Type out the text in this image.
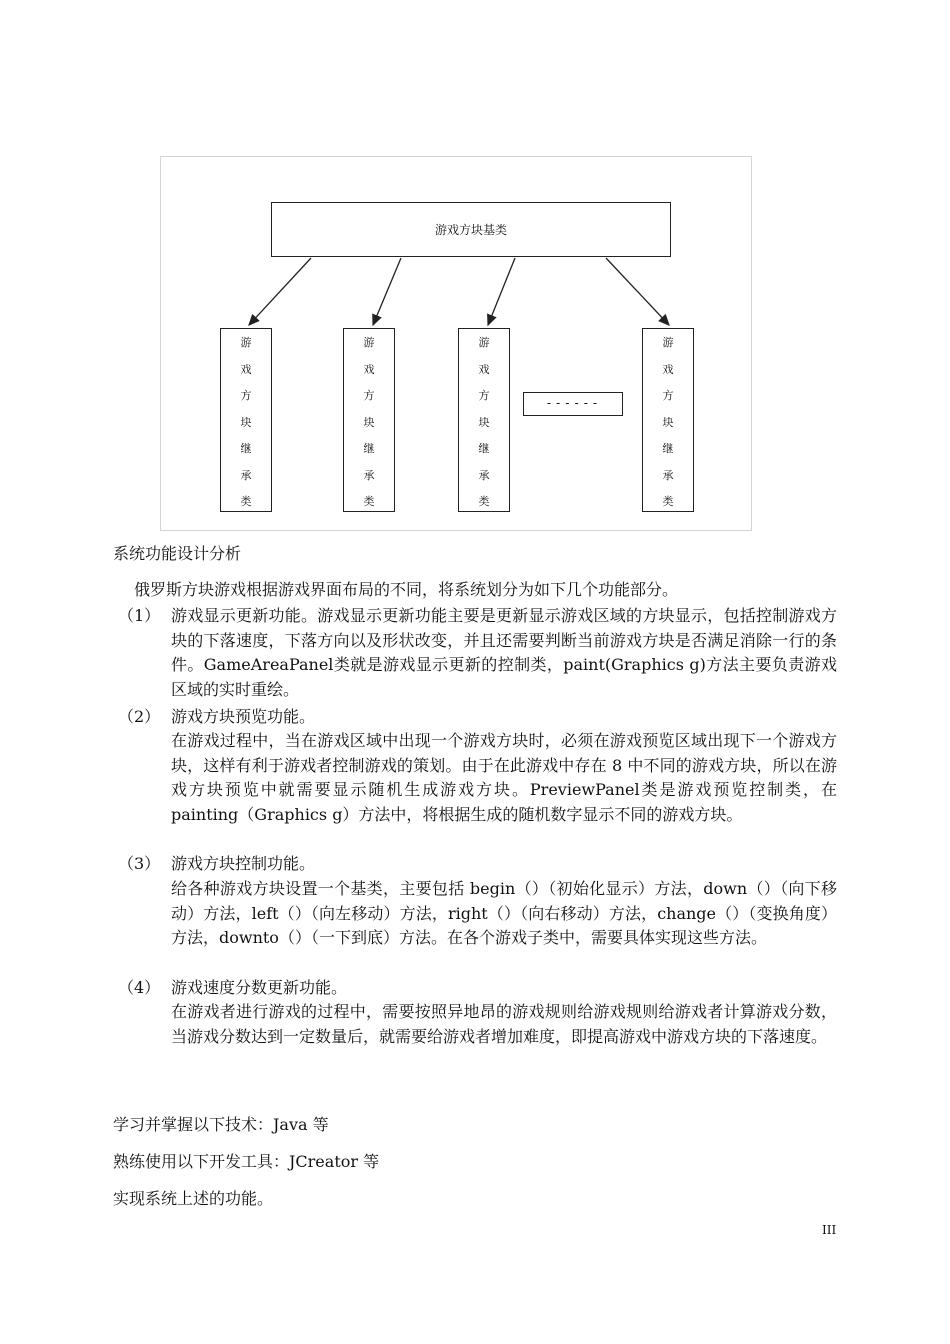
游戏方块基类
游
戏
方
块
继
承
类
游
戏
方
块
继
承
类
游
戏
方
块
继
承
类
------
游
戏
方
块
继
承
类
系统功能设计分析
俄罗斯方块游戏根据游戏界面布局的不同，将系统划分为如下几个功能部分。
（1） 游戏显示更新功能。游戏显示更新功能主要是更新显示游戏区域的方块显示，包括控制游戏方块的下落速度，下落方向以及形状改变，并且还需要判断当前游戏方块是否满足消除一行的条件。GameAreaPanel类就是游戏显示更新的控制类，paint(Graphics g)方法主要负责游戏区域的实时重绘。
（2） 游戏方块预览功能。
在游戏过程中，当在游戏区域中出现一个游戏方块时，必须在游戏预览区域出现下一个游戏方块，这样有利于游戏者控制游戏的策划。由于在此游戏中存在 8 中不同的游戏方块，所以在游戏方块预览中就需要显示随机生成游戏方块。PreviewPanel类是游戏预览控制类，在 painting（Graphics g）方法中，将根据生成的随机数字显示不同的游戏方块。
（3） 游戏方块控制功能。
给各种游戏方块设置一个基类，主要包括 begin（）（初始化显示）方法，down（）（向下移动）方法，left（）（向左移动）方法，right（）（向右移动）方法，change（）（变换角度）方法，downto（）（一下到底）方法。在各个游戏子类中，需要具体实现这些方法。
（4） 游戏速度分数更新功能。
在游戏者进行游戏的过程中，需要按照异地昂的游戏规则给游戏规则给游戏者计算游戏分数，当游戏分数达到一定数量后，就需要给游戏者增加难度，即提高游戏中游戏方块的下落速度。
学习并掌握以下技术：Java 等
熟练使用以下开发工具：JCreator 等
实现系统上述的功能。
III
